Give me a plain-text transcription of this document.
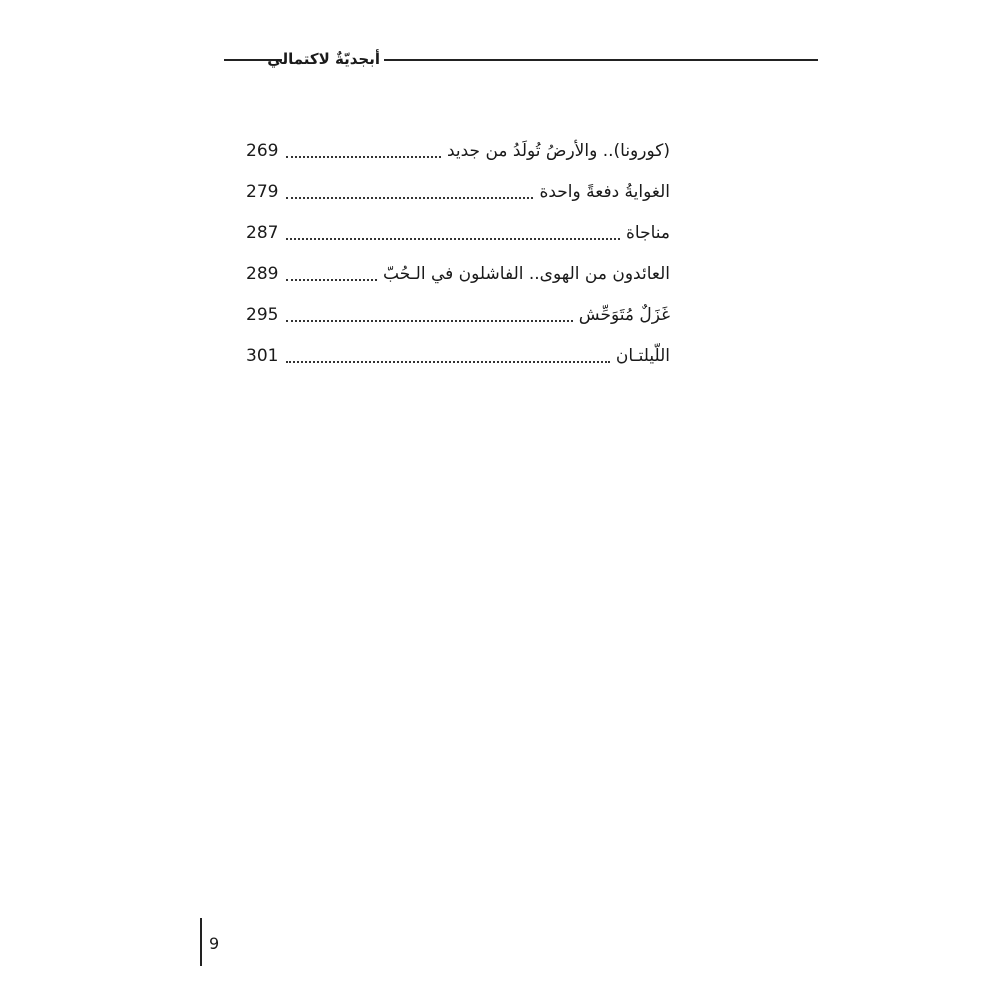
أبجديّةٌ لاكتمالي
269	(كورونا).. والأرضُ تُولَدُ من جديد
279	الغوايةُ دفعةً واحدة
287	مناجاة
289	العائدون من الهوى.. الفاشلون في الـحُبّ
295	غَزَلٌ مُتَوَحِّش
301	اللّيلتـان
9
